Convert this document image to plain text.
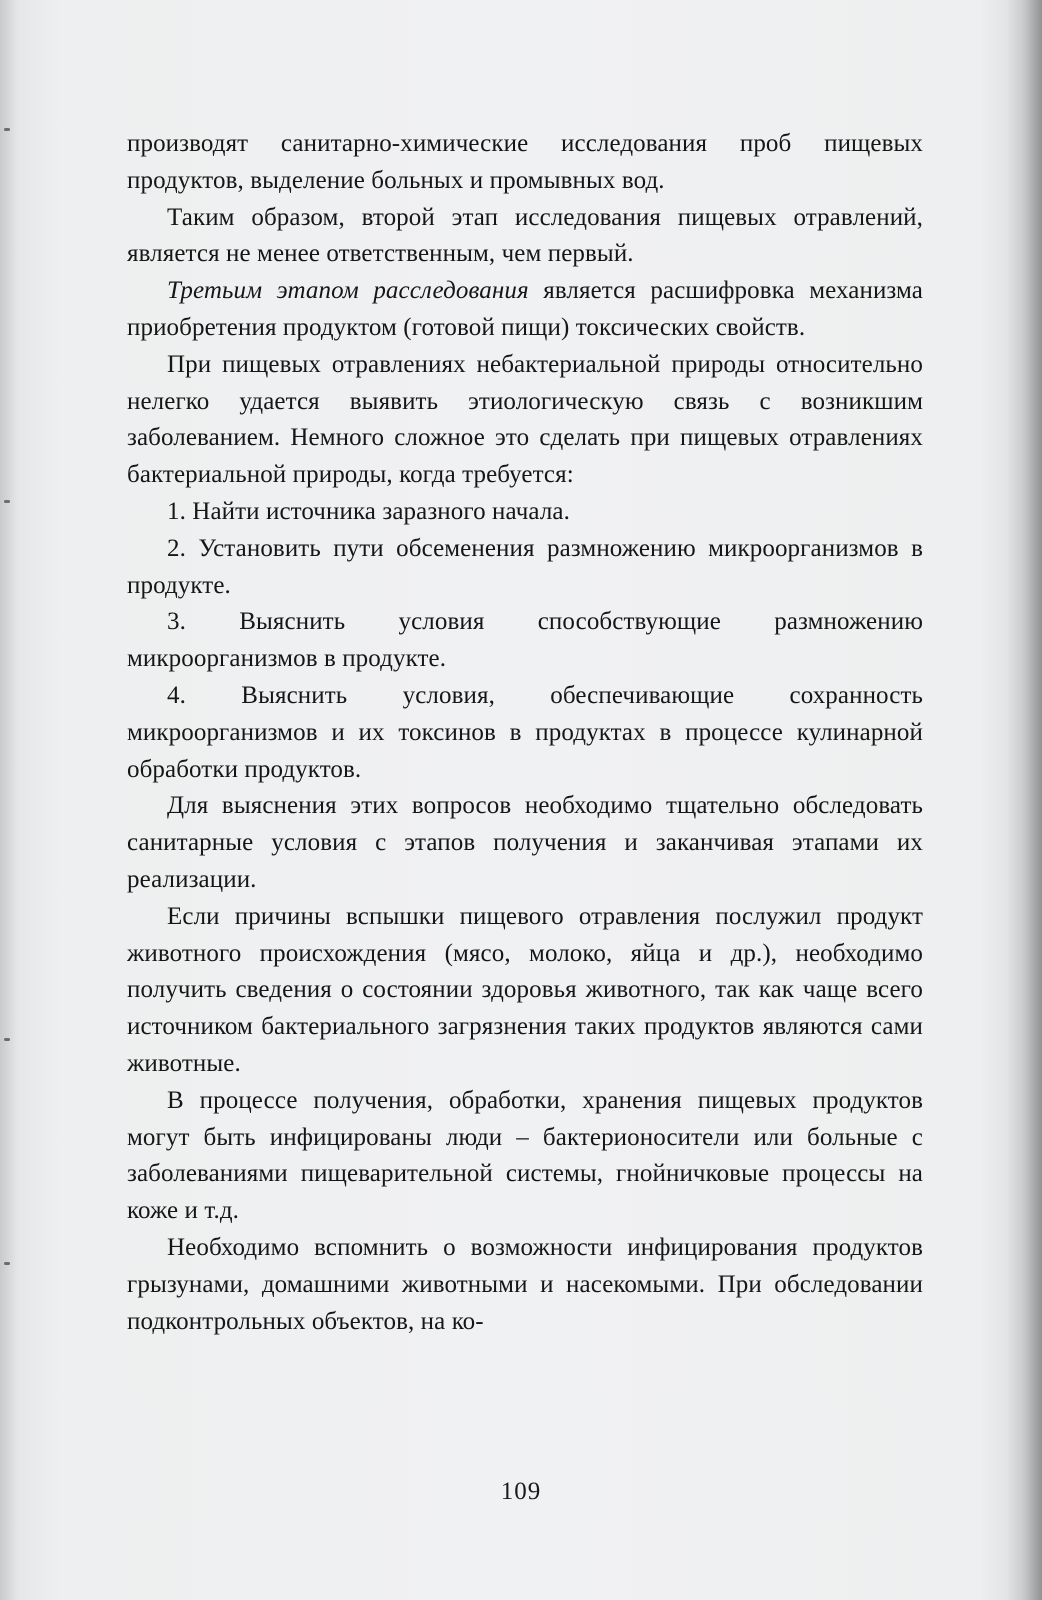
производят санитарно-химические исследования проб пищевых продуктов, выделение больных и промывных вод.

Таким образом, второй этап исследования пищевых отравлений, является не менее ответственным, чем первый.

Третьим этапом расследования является расшифровка механизма приобретения продуктом (готовой пищи) токсических свойств.

При пищевых отравлениях небактериальной природы относительно нелегко удается выявить этиологическую связь с возникшим заболеванием. Немного сложное это сделать при пищевых отравлениях бактериальной природы, когда требуется:

1. Найти источника заразного начала.

2. Установить пути обсеменения размножению микроорганизмов в продукте.

3. Выяснить условия способствующие размножению микроорганизмов в продукте.

4. Выяснить условия, обеспечивающие сохранность микроорганизмов и их токсинов в продуктах в процессе кулинарной обработки продуктов.

Для выяснения этих вопросов необходимо тщательно обследовать санитарные условия с этапов получения и заканчивая этапами их реализации.

Если причины вспышки пищевого отравления послужил продукт животного происхождения (мясо, молоко, яйца и др.), необходимо получить сведения о состоянии здоровья животного, так как чаще всего источником бактериального загрязнения таких продуктов являются сами животные.

В процессе получения, обработки, хранения пищевых продуктов могут быть инфицированы люди – бактерионосители или больные с заболеваниями пищеварительной системы, гнойничковые процессы на коже и т.д.

Необходимо вспомнить о возможности инфицирования продуктов грызунами, домашними животными и насекомыми. При обследовании подконтрольных объектов, на ко-

109
